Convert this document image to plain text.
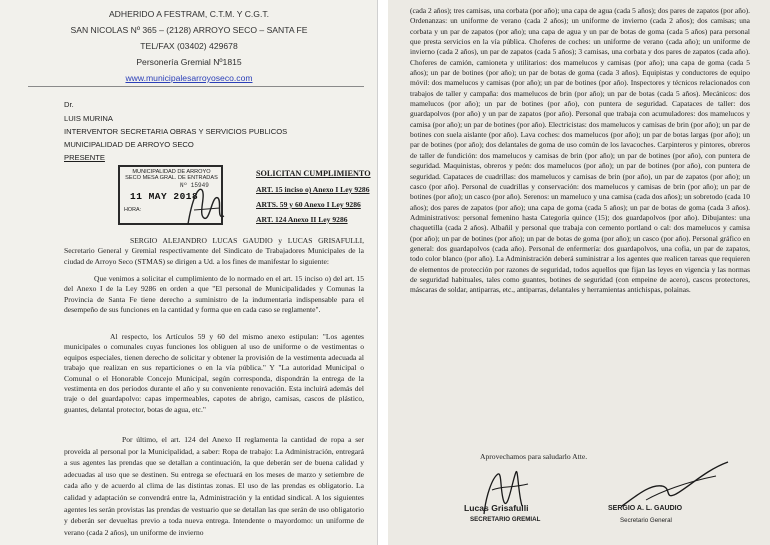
ADHERIDO A FESTRAM, C.T.M. Y C.G.T.
SAN NICOLAS Nº 365 – (2128) ARROYO SECO – SANTA FE
TEL/FAX (03402) 429678
Personería Gremial Nº1815
www.municipalesarroyoseco.com
Dr.
LUIS MURINA
INTERVENTOR SECRETARIA OBRAS Y SERVICIOS PUBLICOS
MUNICIPALIDAD DE ARROYO SECO
PRESENTE
MUNICIPALIDAD DE ARROYO SECO MESA GRAL. DE ENTRADAS
11 MAY 2018
HORA:
Nº 15949
SOLICITAN CUMPLIMIENTO
ART. 15 inciso o) Anexo I Ley 9286
ARTS. 59 y 60 Anexo I Ley 9286
ART. 124 Anexo II Ley 9286

SERGIO ALEJANDRO LUCAS GAUDIO y LUCAS GRISAFULLI, Secretario General y Gremial respectivamente del Sindicato de Trabajadores Municipales de la ciudad de Arroyo Seco (STMAS) se dirigen a Ud. a los fines de manifestar lo siguiente:

Que venimos a solicitar el cumplimiento de lo normado en el art. 15 inciso o) del art. 15 del Anexo I de la Ley 9286 en orden a que "El personal de Municipalidades y Comunas la Provincia de Santa Fe tiene derecho a suministro de la indumentaria indispensable para el desempeño de sus funciones en la cantidad y forma que en cada caso se reglamente".

Al respecto, los Artículos 59 y 60 del mismo anexo estipulan: "Los agentes municipales o comunales cuyas funciones los obliguen al uso de uniforme o de vestimentas o equipos especiales, tienen derecho de solicitar y obtener la provisión de la vestimenta adecuada al trabajo que realizan en sus reparticiones o en la vía pública." Y "La autoridad Municipal o Comunal o el Honorable Concejo Municipal, según corresponda, dispondrán la entrega de la vestimenta en dos periodos durante el año y su conveniente renovación. Esta incluirá además del traje o del guardapolvo: capas impermeables, capotes de abrigo, camisas, cascos de plástico, guantes, delantal protector, botas de agua, etc."

Por último, el art. 124 del Anexo II reglamenta la cantidad de ropa a ser proveída al personal por la Municipalidad, a saber: Ropa de trabajo: La Administración, entregará a sus agentes las prendas que se detallan a continuación, la que deberán ser de buena calidad y adecuadas al uso que se destinen. Su entrega se efectuará en los meses de marzo y setiembre de cada año y de acuerdo al clima de las distintas zonas. El uso de las prendas es obligatorio. La calidad y adaptación se convendrá entre la, Administración y la entidad sindical. A los siguientes agentes les serán provistas las prendas de vestuario que se detallan las que serán de uso obligatorio y deberán ser devueltas previo a toda nueva entrega. Intendente o mayordomo: un uniforme de verano (cada 2 años), un uniforme de invierno

(cada 2 años); tres camisas, una corbata (por año); una capa de agua (cada 5 años); dos pares de zapatos (por año). Ordenanzas: un uniforme de verano (cada 2 años); un uniforme de invierno (cada 2 años); dos camisas; una corbata y un par de zapatos (por año); una capa de agua y un par de botas de goma (cada 5 años) para personal que presta servicios en la vía pública. Choferes de coches: un uniforme de verano (cada año); un uniforme de invierno (cada 2 años), un par de zapatos (cada 5 años); 3 camisas, una corbata y dos pares de zapatos (cada año). Choferes de camión, camioneta y utilitarios: dos mamelucos y camisas (por año); una capa de goma (cada 5 años); un par de botines (por año); un par de botas de goma (cada 3 años). Equipistas y conductores de equipo móvil: dos mamelucos y camisas (por año); un par de botines (por año). Inspectores y técnicos relacionados con trabajos de taller y campaña: dos mamelucos de brin (por año); un par de botas (cada 5 años). Mecánicos: dos mamelucos (por año); un par de botines (por año), con puntera de seguridad. Capataces de taller: dos guardapolvos (por año) y un par de zapatos (por año). Personal que trabaja con acumuladores: dos mamelucos y camisa (por año); un par de botines (por año). Electricistas: dos mamelucos y camisas de brin (por año); un par de botines con suela aislante (por año). Lava coches: dos mamelucos (por año); un par de botas largas (por año); un par de botines (por año); dos delantales de goma de uso común de los lavacoches. Carpinteros y pintores, obreros de taller de fundición: dos mamelucos y camisas de brin (por año); un par de botines (por año), con puntera de seguridad. Maquinistas, obreros y peón: dos mamelucos (por año); un par de botines (por año), con puntera de seguridad. Capataces de cuadrillas: dos mamelucos y camisas de brin (por año), un par de zapatos (por año); un casco (por año). Personal de cuadrillas y conservación: dos mamelucos y camisas de brin (por año); un par de botines (por año); un casco (por año). Serenos: un mameluco y una camisa (cada dos años); un sobretodo (cada 10 años); dos pares de zapatos (por año); una capa de goma (cada 5 años); un par de botas de goma (cada 3 años). Administrativos: personal femenino hasta Categoría quince (15); dos guardapolvos (por año). Dibujantes: una chaquetilla (cada 2 años). Albañil y personal que trabaja con cemento portland o cal: dos mamelucos y camisa (por año); un par de botines (por año); un par de botas de goma (por año); un casco (por año). Personal gráfico en general: dos guardapolvos (cada año). Personal de enfermería: dos guardapolvos, una cofia, un par de zapatos, todo color blanco (por año). La Administración deberá suministrar a los agentes que realicen tareas que requieren de elementos de protección por razones de seguridad, todos aquellos que fijan las leyes en vigencia y las normas de seguridad habituales, tales como guantes, botines de seguridad (con empeine de acero), cascos protectores, máscaras de soldar, antiparras, etc., antiparras, delantales y herramientas antichispas, polainas.

Aprovechamos para saludarlo Atte.
Lucas Grisafulli
SECRETARIO GREMIAL
SERGIO A. L. GAUDIO
Secretario General
